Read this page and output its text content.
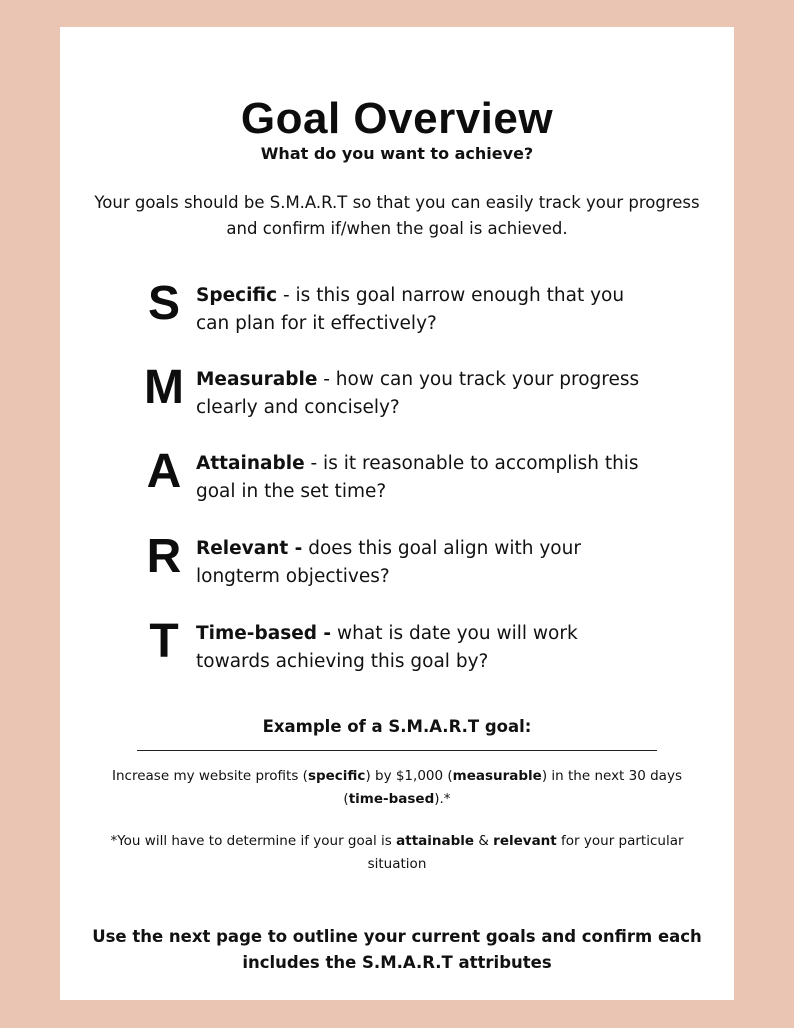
Goal Overview
What do you want to achieve?
Your goals should be S.M.A.R.T so that you can easily track your progress and confirm if/when the goal is achieved.
S Specific - is this goal narrow enough that you can plan for it effectively?
M Measurable - how can you track your progress clearly and concisely?
A Attainable - is it reasonable to accomplish this goal in the set time?
R Relevant - does this goal align with your longterm objectives?
T Time-based - what is date you will work towards achieving this goal by?
Example of a S.M.A.R.T goal:
Increase my website profits (specific) by $1,000 (measurable) in the next 30 days (time-based).*
*You will have to determine if your goal is attainable & relevant for your particular situation
Use the next page to outline your current goals and confirm each includes the S.M.A.R.T attributes
